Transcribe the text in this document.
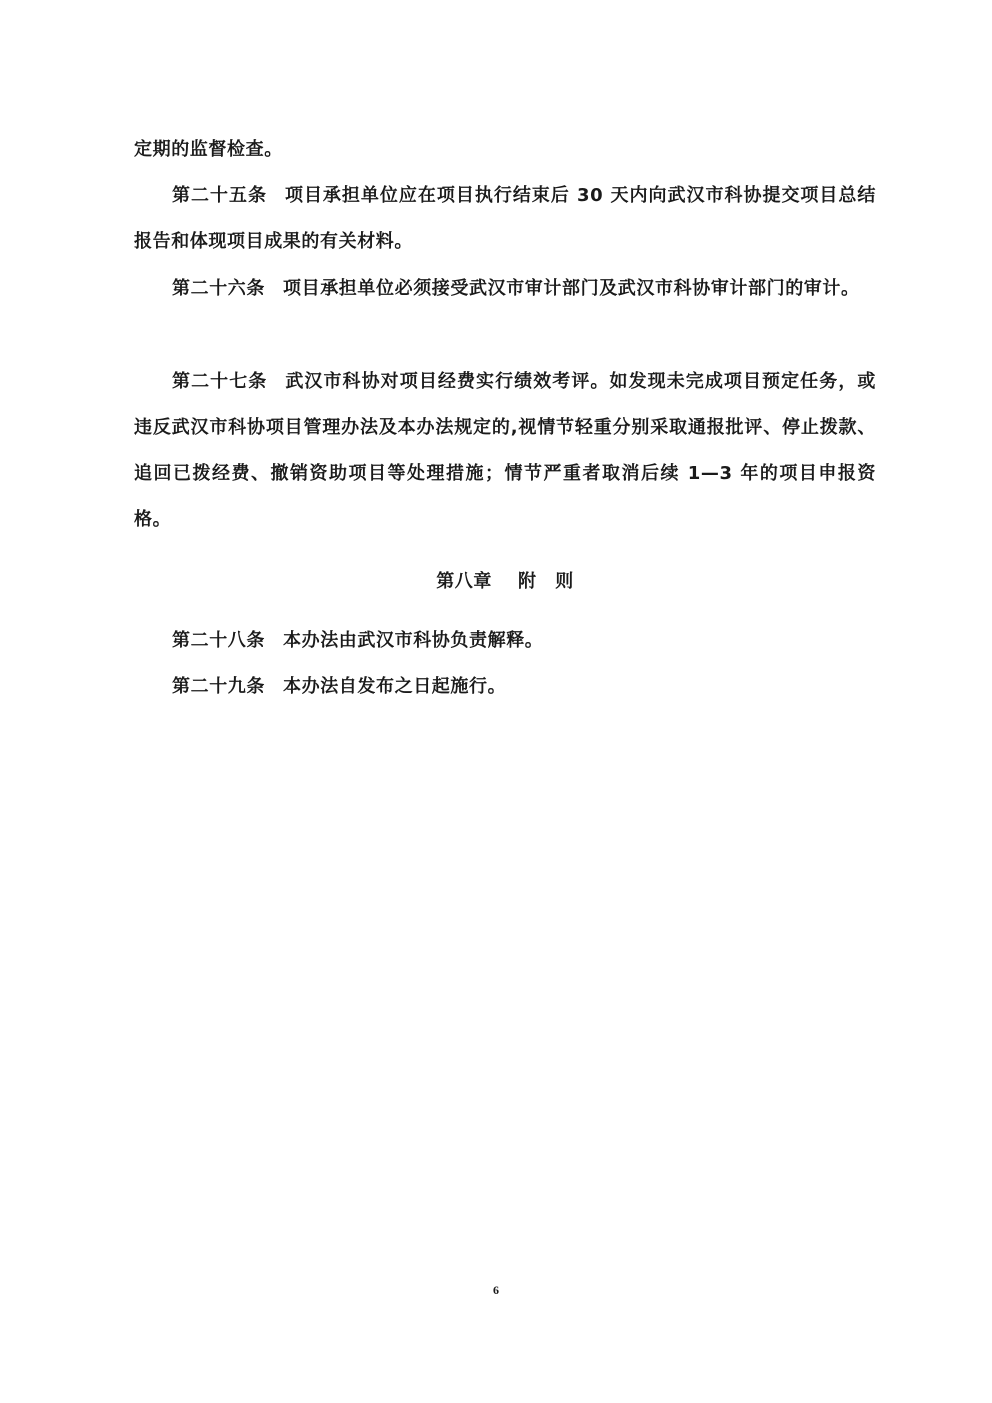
定期的监督检查。

第二十五条 项目承担单位应在项目执行结束后 30 天内向武汉市科协提交项目总结报告和体现项目成果的有关材料。

第二十六条 项目承担单位必须接受武汉市审计部门及武汉市科协审计部门的审计。

第二十七条 武汉市科协对项目经费实行绩效考评。如发现未完成项目预定任务，或违反武汉市科协项目管理办法及本办法规定的,视情节轻重分别采取通报批评、停止拨款、追回已拨经费、撤销资助项目等处理措施；情节严重者取消后续 1—3 年的项目申报资格。

第八章 附　则

第二十八条 本办法由武汉市科协负责解释。

第二十九条 本办法自发布之日起施行。

6
